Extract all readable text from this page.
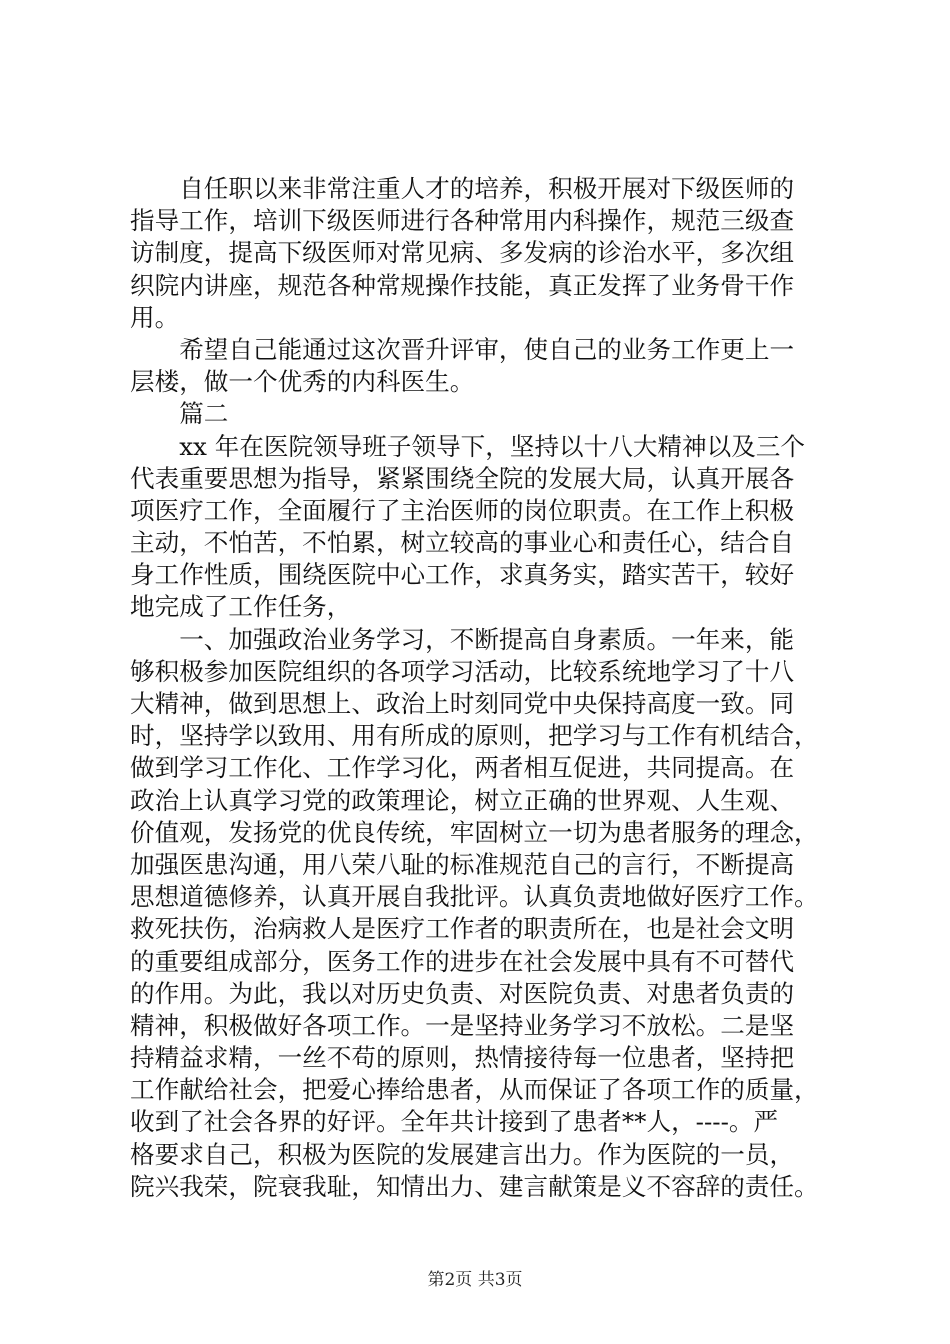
　　自任职以来非常注重人才的培养，积极开展对下级医师的
指导工作，培训下级医师进行各种常用内科操作，规范三级查
访制度，提高下级医师对常见病、多发病的诊治水平，多次组
织院内讲座，规范各种常规操作技能，真正发挥了业务骨干作
用。
　　希望自己能通过这次晋升评审，使自己的业务工作更上一
层楼，做一个优秀的内科医生。
　　篇二
　　xx 年在医院领导班子领导下，坚持以十八大精神以及三个
代表重要思想为指导，紧紧围绕全院的发展大局，认真开展各
项医疗工作，全面履行了主治医师的岗位职责。在工作上积极
主动，不怕苦，不怕累，树立较高的事业心和责任心，结合自
身工作性质，围绕医院中心工作，求真务实，踏实苦干，较好
地完成了工作任务，
　　一、加强政治业务学习，不断提高自身素质。一年来，能
够积极参加医院组织的各项学习活动，比较系统地学习了十八
大精神，做到思想上、政治上时刻同党中央保持高度一致。同
时，坚持学以致用、用有所成的原则，把学习与工作有机结合，
做到学习工作化、工作学习化，两者相互促进，共同提高。在
政治上认真学习党的政策理论，树立正确的世界观、人生观、
价值观，发扬党的优良传统，牢固树立一切为患者服务的理念，
加强医患沟通，用八荣八耻的标准规范自己的言行，不断提高
思想道德修养，认真开展自我批评。认真负责地做好医疗工作。
救死扶伤，治病救人是医疗工作者的职责所在，也是社会文明
的重要组成部分，医务工作的进步在社会发展中具有不可替代
的作用。为此，我以对历史负责、对医院负责、对患者负责的
精神，积极做好各项工作。一是坚持业务学习不放松。二是坚
持精益求精，一丝不苟的原则，热情接待每一位患者，坚持把
工作献给社会，把爱心捧给患者，从而保证了各项工作的质量，
收到了社会各界的好评。全年共计接到了患者**人，----。严
格要求自己，积极为医院的发展建言出力。作为医院的一员，
院兴我荣，院衰我耻，知情出力、建言献策是义不容辞的责任。
第2页 共3页
